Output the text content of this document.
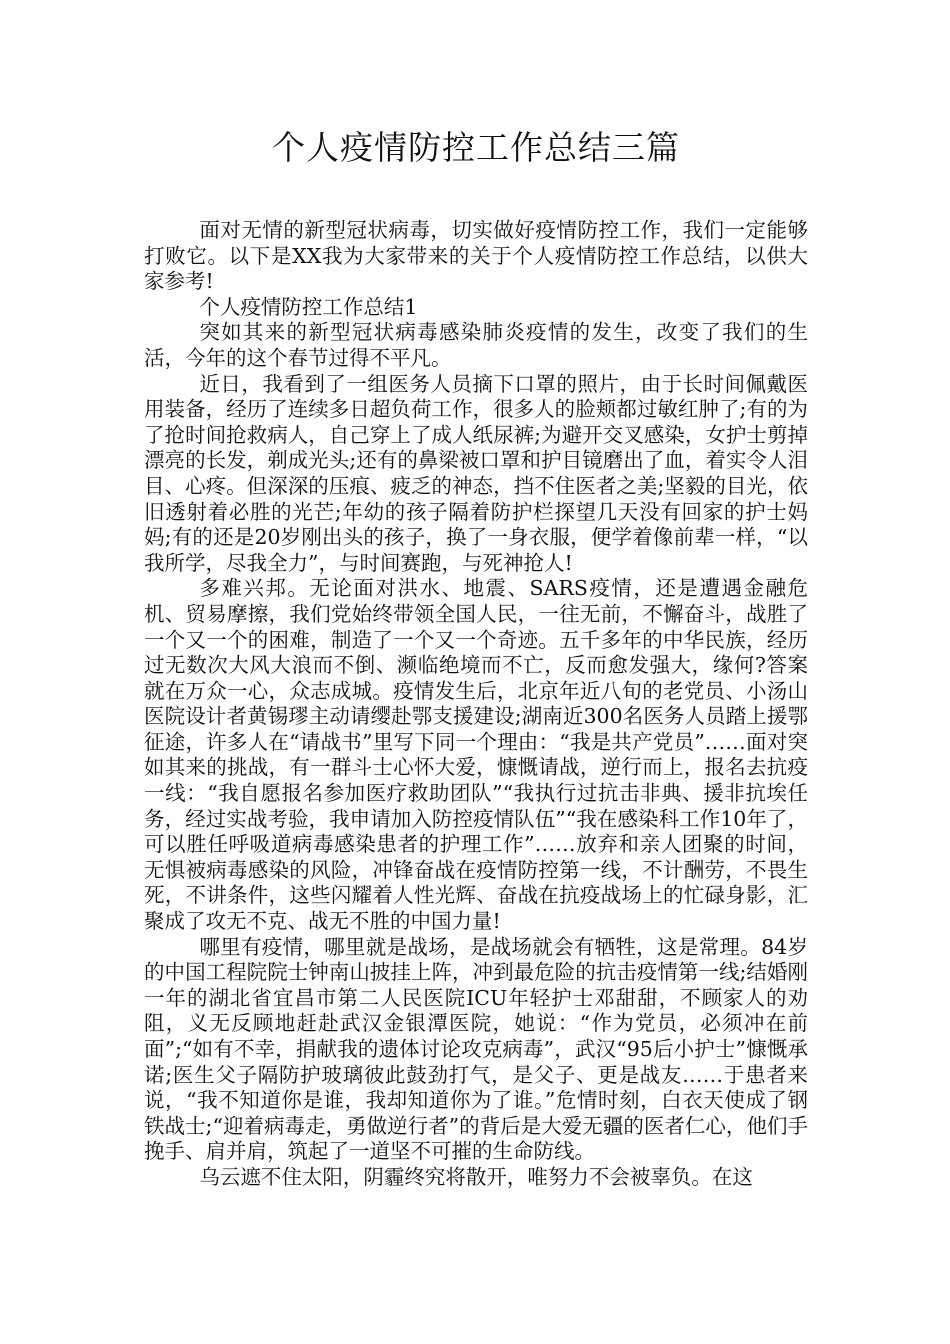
个人疫情防控工作总结三篇

面对无情的新型冠状病毒，切实做好疫情防控工作，我们一定能够打败它。以下是XX我为大家带来的关于个人疫情防控工作总结，以供大家参考!

个人疫情防控工作总结1

突如其来的新型冠状病毒感染肺炎疫情的发生，改变了我们的生活，今年的这个春节过得不平凡。

近日，我看到了一组医务人员摘下口罩的照片，由于长时间佩戴医用装备，经历了连续多日超负荷工作，很多人的脸颊都过敏红肿了;有的为了抢时间抢救病人，自己穿上了成人纸尿裤;为避开交叉感染，女护士剪掉漂亮的长发，剃成光头;还有的鼻梁被口罩和护目镜磨出了血，着实令人泪目、心疼。但深深的压痕、疲乏的神态，挡不住医者之美;坚毅的目光，依旧透射着必胜的光芒;年幼的孩子隔着防护栏探望几天没有回家的护士妈妈;有的还是20岁刚出头的孩子，换了一身衣服，便学着像前辈一样，“以我所学，尽我全力”，与时间赛跑，与死神抢人!

多难兴邦。无论面对洪水、地震、SARS疫情，还是遭遇金融危机、贸易摩擦，我们党始终带领全国人民，一往无前，不懈奋斗，战胜了一个又一个的困难，制造了一个又一个奇迹。五千多年的中华民族，经历过无数次大风大浪而不倒、濒临绝境而不亡，反而愈发强大，缘何?答案就在万众一心，众志成城。疫情发生后，北京年近八旬的老党员、小汤山医院设计者黄锡璆主动请缨赴鄂支援建设;湖南近300名医务人员踏上援鄂征途，许多人在“请战书”里写下同一个理由：“我是共产党员”……面对突如其来的挑战，有一群斗士心怀大爱，慷慨请战，逆行而上，报名去抗疫一线：“我自愿报名参加医疗救助团队”“我执行过抗击非典、援非抗埃任务，经过实战考验，我申请加入防控疫情队伍”“我在感染科工作10年了，可以胜任呼吸道病毒感染患者的护理工作”……放弃和亲人团聚的时间，无惧被病毒感染的风险，冲锋奋战在疫情防控第一线，不计酬劳，不畏生死，不讲条件，这些闪耀着人性光辉、奋战在抗疫战场上的忙碌身影，汇聚成了攻无不克、战无不胜的中国力量!

哪里有疫情，哪里就是战场，是战场就会有牺牲，这是常理。84岁的中国工程院院士钟南山披挂上阵，冲到最危险的抗击疫情第一线;结婚刚一年的湖北省宜昌市第二人民医院ICU年轻护士邓甜甜，不顾家人的劝阻，义无反顾地赶赴武汉金银潭医院，她说：“作为党员，必须冲在前面”;“如有不幸，捐献我的遗体讨论攻克病毒”，武汉“95后小护士”慷慨承诺;医生父子隔防护玻璃彼此鼓劲打气，是父子、更是战友……于患者来说，“我不知道你是谁，我却知道你为了谁。”危情时刻，白衣天使成了钢铁战士;“迎着病毒走，勇做逆行者”的背后是大爱无疆的医者仁心，他们手挽手、肩并肩，筑起了一道坚不可摧的生命防线。

乌云遮不住太阳，阴霾终究将散开，唯努力不会被辜负。在这
